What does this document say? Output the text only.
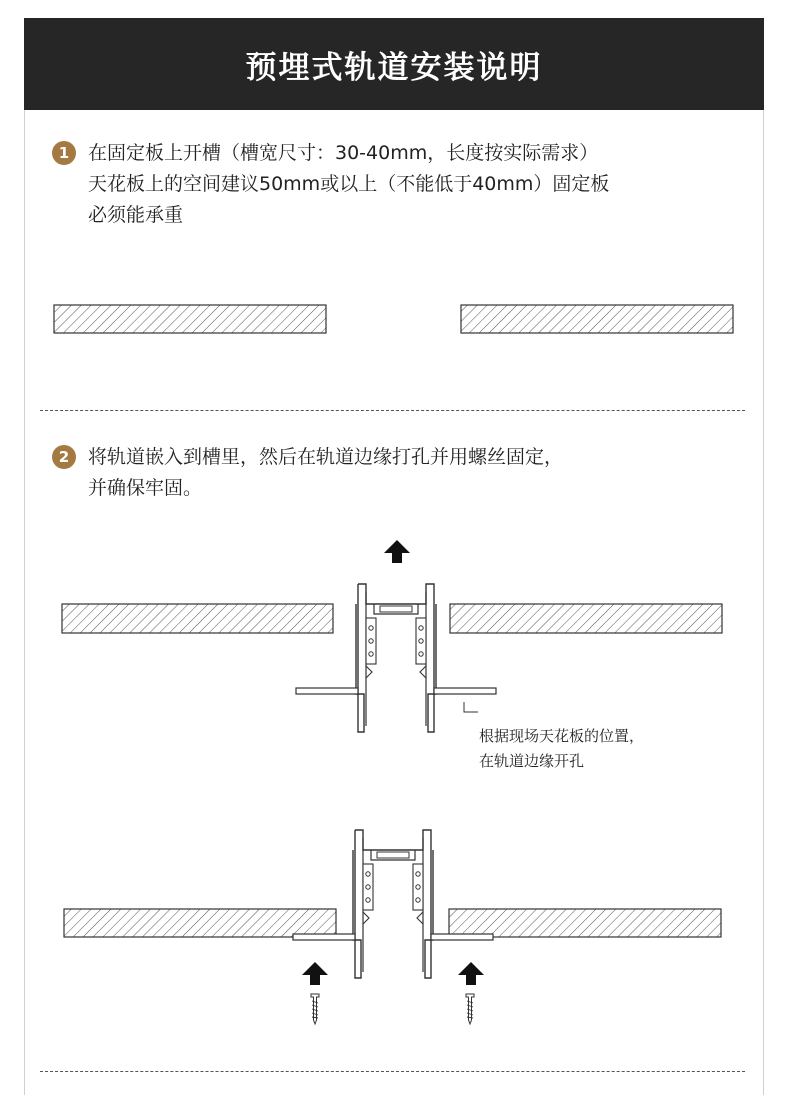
预埋式轨道安装说明
1 在固定板上开槽（槽宽尺寸：30-40mm，长度按实际需求）
天花板上的空间建议50mm或以上（不能低于40mm）固定板
必须能承重
2 将轨道嵌入到槽里，然后在轨道边缘打孔并用螺丝固定，
并确保牢固。
根据现场天花板的位置，
在轨道边缘开孔
